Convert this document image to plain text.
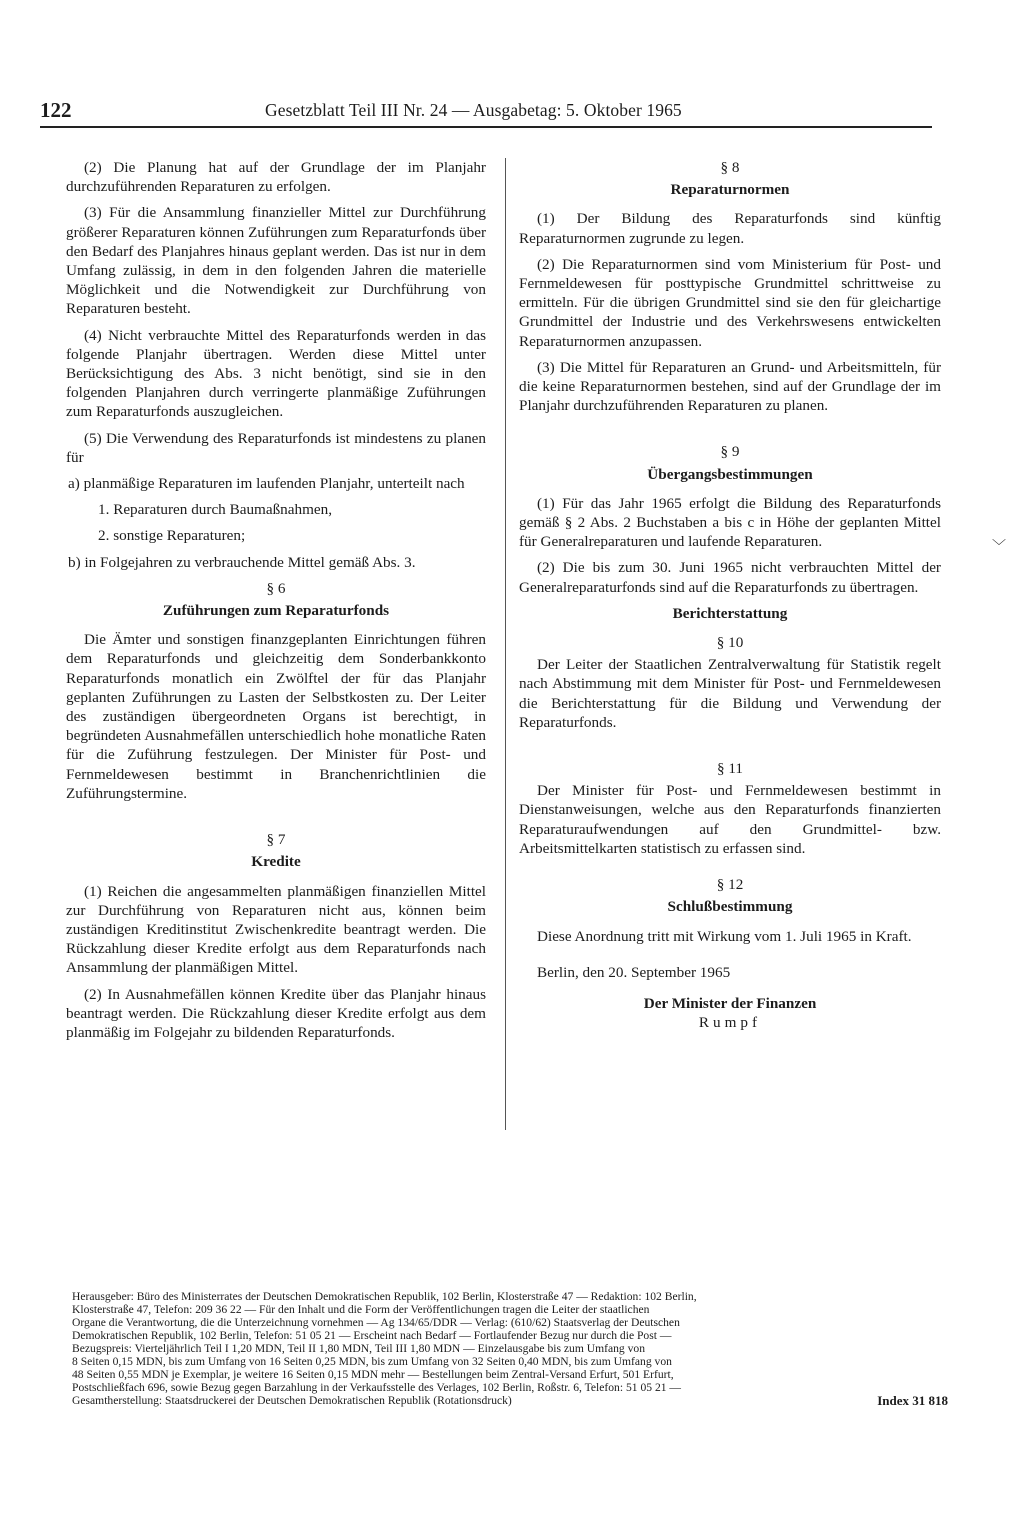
122	Gesetzblatt Teil III Nr. 24 — Ausgabetag: 5. Oktober 1965

(2) Die Planung hat auf der Grundlage der im Planjahr durchzuführenden Reparaturen zu erfolgen.

(3) Für die Ansammlung finanzieller Mittel zur Durchführung größerer Reparaturen können Zuführungen zum Reparaturfonds über den Bedarf des Planjahres hinaus geplant werden. Das ist nur in dem Umfang zulässig, in dem in den folgenden Jahren die materielle Möglichkeit und die Notwendigkeit zur Durchführung von Reparaturen besteht.

(4) Nicht verbrauchte Mittel des Reparaturfonds werden in das folgende Planjahr übertragen. Werden diese Mittel unter Berücksichtigung des Abs. 3 nicht benötigt, sind sie in den folgenden Planjahren durch verringerte planmäßige Zuführungen zum Reparaturfonds auszugleichen.

(5) Die Verwendung des Reparaturfonds ist mindestens zu planen für

a) planmäßige Reparaturen im laufenden Planjahr, unterteilt nach

1. Reparaturen durch Baumaßnahmen,

2. sonstige Reparaturen;

b) in Folgejahren zu verbrauchende Mittel gemäß Abs. 3.

§ 6
Zuführungen zum Reparaturfonds

Die Ämter und sonstigen finanzgeplanten Einrichtungen führen dem Reparaturfonds und gleichzeitig dem Sonderbankkonto Reparaturfonds monatlich ein Zwölftel der für das Planjahr geplanten Zuführungen zu Lasten der Selbstkosten zu. Der Leiter des zuständigen übergeordneten Organs ist berechtigt, in begründeten Ausnahmefällen unterschiedlich hohe monatliche Raten für die Zuführung festzulegen. Der Minister für Post- und Fernmeldewesen bestimmt in Branchenrichtlinien die Zuführungstermine.

§ 7
Kredite

(1) Reichen die angesammelten planmäßigen finanziellen Mittel zur Durchführung von Reparaturen nicht aus, können beim zuständigen Kreditinstitut Zwischenkredite beantragt werden. Die Rückzahlung dieser Kredite erfolgt aus dem Reparaturfonds nach Ansammlung der planmäßigen Mittel.

(2) In Ausnahmefällen können Kredite über das Planjahr hinaus beantragt werden. Die Rückzahlung dieser Kredite erfolgt aus dem planmäßig im Folgejahr zu bildenden Reparaturfonds.

§ 8
Reparaturnormen

(1) Der Bildung des Reparaturfonds sind künftig Reparaturnormen zugrunde zu legen.

(2) Die Reparaturnormen sind vom Ministerium für Post- und Fernmeldewesen für posttypische Grundmittel schrittweise zu ermitteln. Für die übrigen Grundmittel sind sie den für gleichartige Grundmittel der Industrie und des Verkehrswesens entwickelten Reparaturnormen anzupassen.

(3) Die Mittel für Reparaturen an Grund- und Arbeitsmitteln, für die keine Reparaturnormen bestehen, sind auf der Grundlage der im Planjahr durchzuführenden Reparaturen zu planen.

§ 9
Übergangsbestimmungen

(1) Für das Jahr 1965 erfolgt die Bildung des Reparaturfonds gemäß § 2 Abs. 2 Buchstaben a bis c in Höhe der geplanten Mittel für Generalreparaturen und laufende Reparaturen.

(2) Die bis zum 30. Juni 1965 nicht verbrauchten Mittel der Generalreparaturfonds sind auf die Reparaturfonds zu übertragen.

Berichterstattung
§ 10

Der Leiter der Staatlichen Zentralverwaltung für Statistik regelt nach Abstimmung mit dem Minister für Post- und Fernmeldewesen die Berichterstattung für die Bildung und Verwendung der Reparaturfonds.

§ 11

Der Minister für Post- und Fernmeldewesen bestimmt in Dienstanweisungen, welche aus den Reparaturfonds finanzierten Reparaturaufwendungen auf den Grundmittel- bzw. Arbeitsmittelkarten statistisch zu erfassen sind.

§ 12
Schlußbestimmung

Diese Anordnung tritt mit Wirkung vom 1. Juli 1965 in Kraft.

Berlin, den 20. September 1965

Der Minister der Finanzen
Rumpf
﹀
Herausgeber: Büro des Ministerrates der Deutschen Demokratischen Republik, 102 Berlin, Klosterstraße 47 — Redaktion: 102 Berlin,
Klosterstraße 47, Telefon: 209 36 22 — Für den Inhalt und die Form der Veröffentlichungen tragen die Leiter der staatlichen
Organe die Verantwortung, die die Unterzeichnung vornehmen — Ag 134/65/DDR — Verlag: (610/62) Staatsverlag der Deutschen
Demokratischen Republik, 102 Berlin, Telefon: 51 05 21 — Erscheint nach Bedarf — Fortlaufender Bezug nur durch die Post —
Bezugspreis: Vierteljährlich Teil I 1,20 MDN, Teil II 1,80 MDN, Teil III 1,80 MDN — Einzelausgabe bis zum Umfang von
8 Seiten 0,15 MDN, bis zum Umfang von 16 Seiten 0,25 MDN, bis zum Umfang von 32 Seiten 0,40 MDN, bis zum Umfang von
48 Seiten 0,55 MDN je Exemplar, je weitere 16 Seiten 0,15 MDN mehr — Bestellungen beim Zentral-Versand Erfurt, 501 Erfurt,
Postschließfach 696, sowie Bezug gegen Barzahlung in der Verkaufsstelle des Verlages, 102 Berlin, Roßstr. 6, Telefon: 51 05 21 —
Gesamtherstellung: Staatsdruckerei der Deutschen Demokratischen Republik (Rotationsdruck)	Index 31 818
